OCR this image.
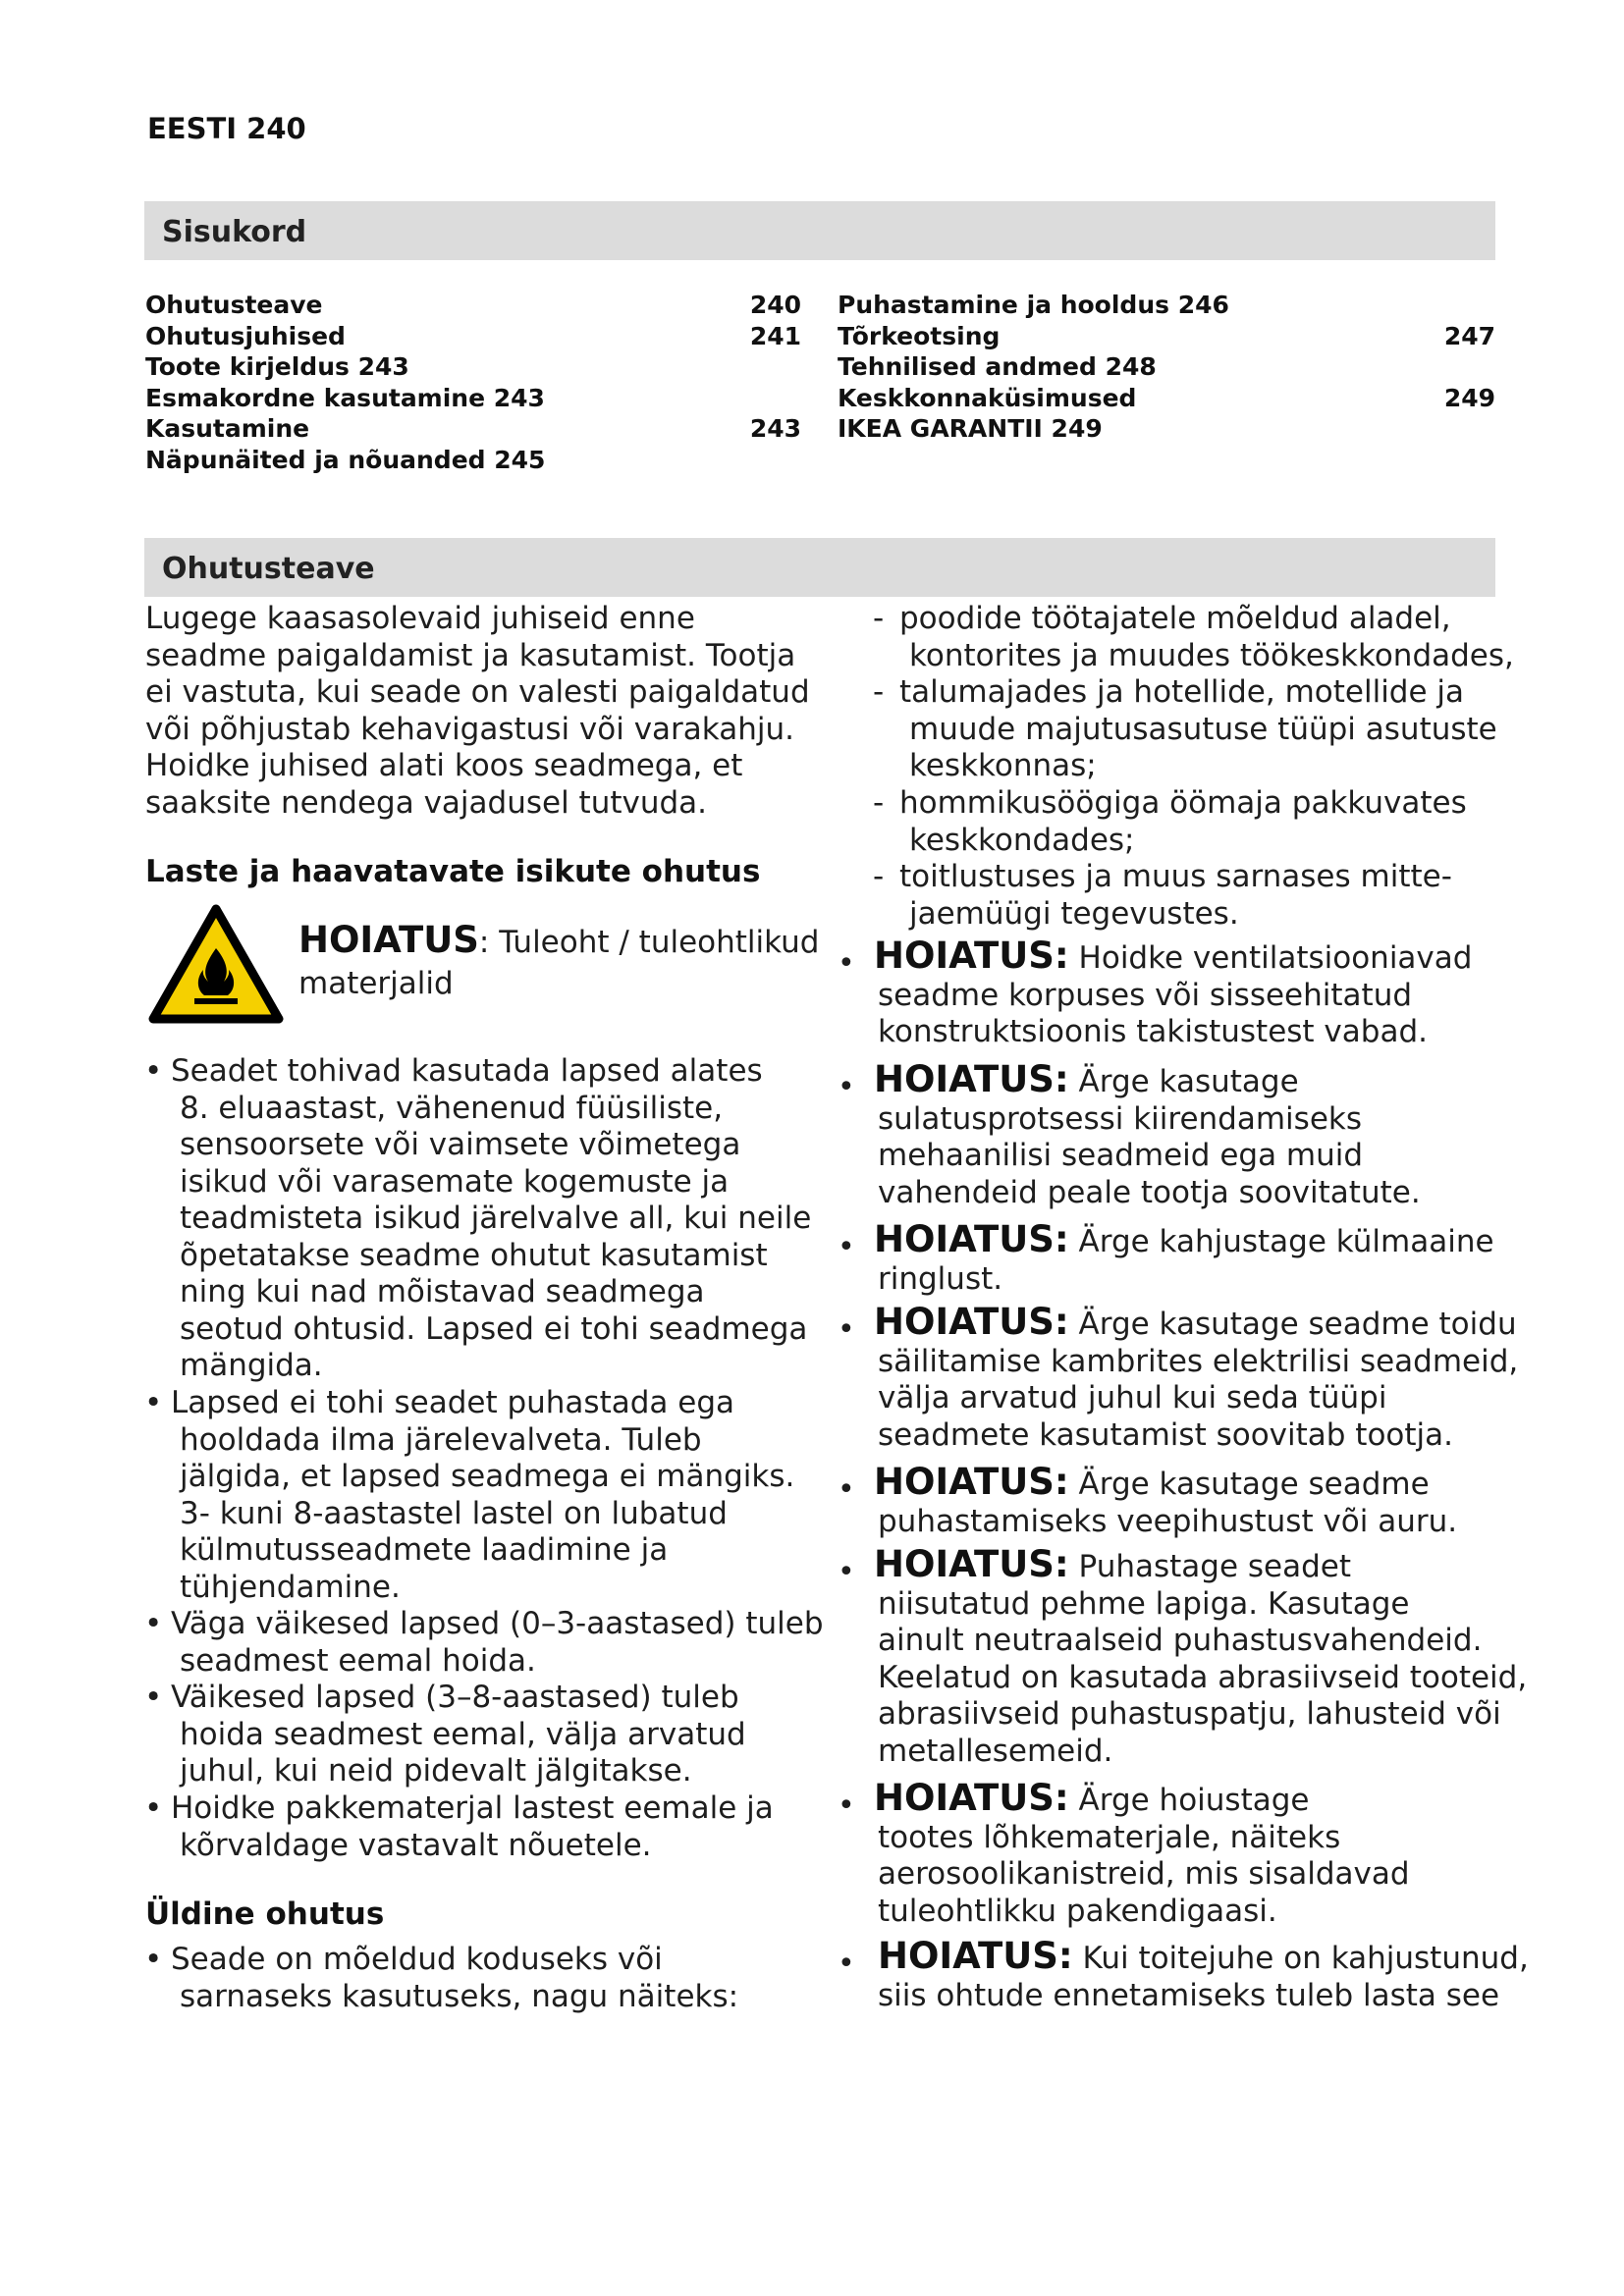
EESTI 240
Sisukord
Ohutusteave	240
Ohutusjuhised	241
Toote kirjeldus 243
Esmakordne kasutamine 243
Kasutamine	243
Näpunäited ja nõuanded 245
Puhastamine ja hooldus 246
Tõrkeotsing	247
Tehnilised andmed 248
Keskkonnaküsimused	249
IKEA GARANTII 249
Ohutusteave
Lugege kaasasolevaid juhiseid enne
seadme paigaldamist ja kasutamist. Tootja
ei vastuta, kui seade on valesti paigaldatud
või põhjustab kehavigastusi või varakahju.
Hoidke juhised alati koos seadmega, et
saaksite nendega vajadusel tutvuda.
Laste ja haavatavate isikute ohutus
HOIATUS: Tuleoht / tuleohtlikud
materjalid
• Seadet tohivad kasutada lapsed alates
8. eluaastast, vähenenud füüsiliste,
sensoorsete või vaimsete võimetega
isikud või varasemate kogemuste ja
teadmisteta isikud järelvalve all, kui neile
õpetatakse seadme ohutut kasutamist
ning kui nad mõistavad seadmega
seotud ohtusid. Lapsed ei tohi seadmega
mängida.
• Lapsed ei tohi seadet puhastada ega
hooldada ilma järelevalveta. Tuleb
jälgida, et lapsed seadmega ei mängiks.
3- kuni 8-aastastel lastel on lubatud
külmutusseadmete laadimine ja
tühjendamine.
• Väga väikesed lapsed (0–3-aastased) tuleb
seadmest eemal hoida.
• Väikesed lapsed (3–8-aastased) tuleb
hoida seadmest eemal, välja arvatud
juhul, kui neid pidevalt jälgitakse.
• Hoidke pakkematerjal lastest eemale ja
kõrvaldage vastavalt nõuetele.
Üldine ohutus
• Seade on mõeldud koduseks või
sarnaseks kasutuseks, nagu näiteks:
- poodide töötajatele mõeldud aladel,
kontorites ja muudes töökeskkondades,
- talumajades ja hotellide, motellide ja
muude majutusasutuse tüüpi asutuste
keskkonnas;
- hommikusöögiga öömaja pakkuvates
keskkondades;
- toitlustuses ja muus sarnases mitte-
jaemüügi tegevustes.
• HOIATUS: Hoidke ventilatsiooniavad
seadme korpuses või sisseehitatud
konstruktsioonis takistustest vabad.
• HOIATUS: Ärge kasutage
sulatusprotsessi kiirendamiseks
mehaanilisi seadmeid ega muid
vahendeid peale tootja soovitatute.
• HOIATUS: Ärge kahjustage külmaaine
ringlust.
• HOIATUS: Ärge kasutage seadme toidu
säilitamise kambrites elektrilisi seadmeid,
välja arvatud juhul kui seda tüüpi
seadmete kasutamist soovitab tootja.
• HOIATUS: Ärge kasutage seadme
puhastamiseks veepihustust või auru.
• HOIATUS: Puhastage seadet
niisutatud pehme lapiga. Kasutage
ainult neutraalseid puhastusvahendeid.
Keelatud on kasutada abrasiivseid tooteid,
abrasiivseid puhastuspatju, lahusteid või
metallesemeid.
• HOIATUS: Ärge hoiustage
tootes lõhkematerjale, näiteks
aerosoolikanistreid, mis sisaldavad
tuleohtlikku pakendigaasi.
• HOIATUS: Kui toitejuhe on kahjustunud,
siis ohtude ennetamiseks tuleb lasta see
